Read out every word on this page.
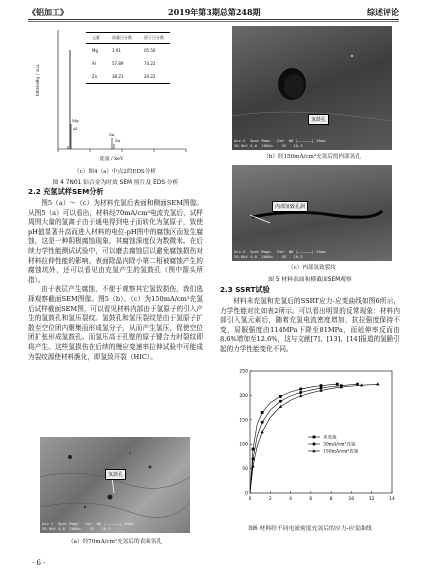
《铝加工》	2019年第3期总第248期	综述评论
Intensity / a.u.
Mg
Al
Zn
Zn
元素	质量百分数	原子百分数
Mg	3.91	05.56
Al	57.89	74.22
Zn	38.21	20.22
能量 / keV
（c）图4（a）中点2的EDS分析
图 4 7N01 铝合金为时效 SEM 照片及 EDS 分析

2.2 充氢试样SEM分析

图5（a）～（c）为材料充氢后表面和侧面SEM图像。从图5（a）可以看出，材料经70mA/cm²电流充氢后，试样周围大量的氢离子由于通电得到电子而转化为氢原子，致使pH值显著升高而进入材料的电位-pH图中的腐蚀区而发生腐蚀，这是一种阴极腐蚀现象，其腐蚀深度仅为数微米。在后续力学性能测试试验中，可以磨去腐蚀层以避免腐蚀损伤对材料拉伸性能的影响。表面除晶内除小第二相被腐蚀产生的腐蚀坑外，还可以看见由充氢产生的氢鼓孔（图中箭头所指）。

由于表层产生腐蚀，不便于观察其它氢致损伤，我们选择观察截面SEM图像。图5（b）、（c）为150mA/cm²充氢后试样截面SEM图，可以看见材料内部由于氢原子的引入产生的氢鼓孔和氢压裂纹。氢鼓孔和氢压裂纹是由于氢原子扩散至空位团内聚集而形成氢分子，从而产生氢压，促使空位团扩张形成氢鼓孔。而氢压高于孔壁的原子键合力时裂纹即将产生。这些氢损伤在后续的慢应变速率拉伸试验中可能成为裂纹源使材料脆化，即氢致开裂（HIC）。

氢鼓孔
Acc.V  Spot Magn   Det  WD |——————| 20μm
20.0kV 4.0  2000x    SE   10.3
（a）经70mA/cm²充氢后的表面氢孔
· 6 ·
氢鼓孔
Acc.V  Spot Magn   Det  WD |——————| 20μm
20.0kV 4.0  2000x    SE   10.3
（b）经150mA/cm²充氢后的内部氢孔
内部氢致孔洞
Acc.V  Spot Magn   Det  WD |——————| 20μm
20.0kV 4.0  2000x    SE   10.3
（c）内部氢致裂纹
图 5 材料表面和横截面SEM观察

2.3 SSRT试验

材料未充氢和充氢后的SSRT应力-应变曲线如图6所示，力学性能对比如表2所示。可以看出明显的反常现象：材料内部引入氢元素后，随着充氢电流密度增加，抗拉强度保持不变，屈服强度由114MPa下降至81MPa，而延伸率反而由8.6%增加至12.6%，这与文献[7]、[13]、[14]报道的氢脆引起的力学性能变化不同。

0	2	4	6	8	10	12	14
0
50
100
150
200
250
未充氢
30mA/cm²充氢
150mA/cm²充氢
图6 材料经不同电流密度充氢后的应力-应变曲线
